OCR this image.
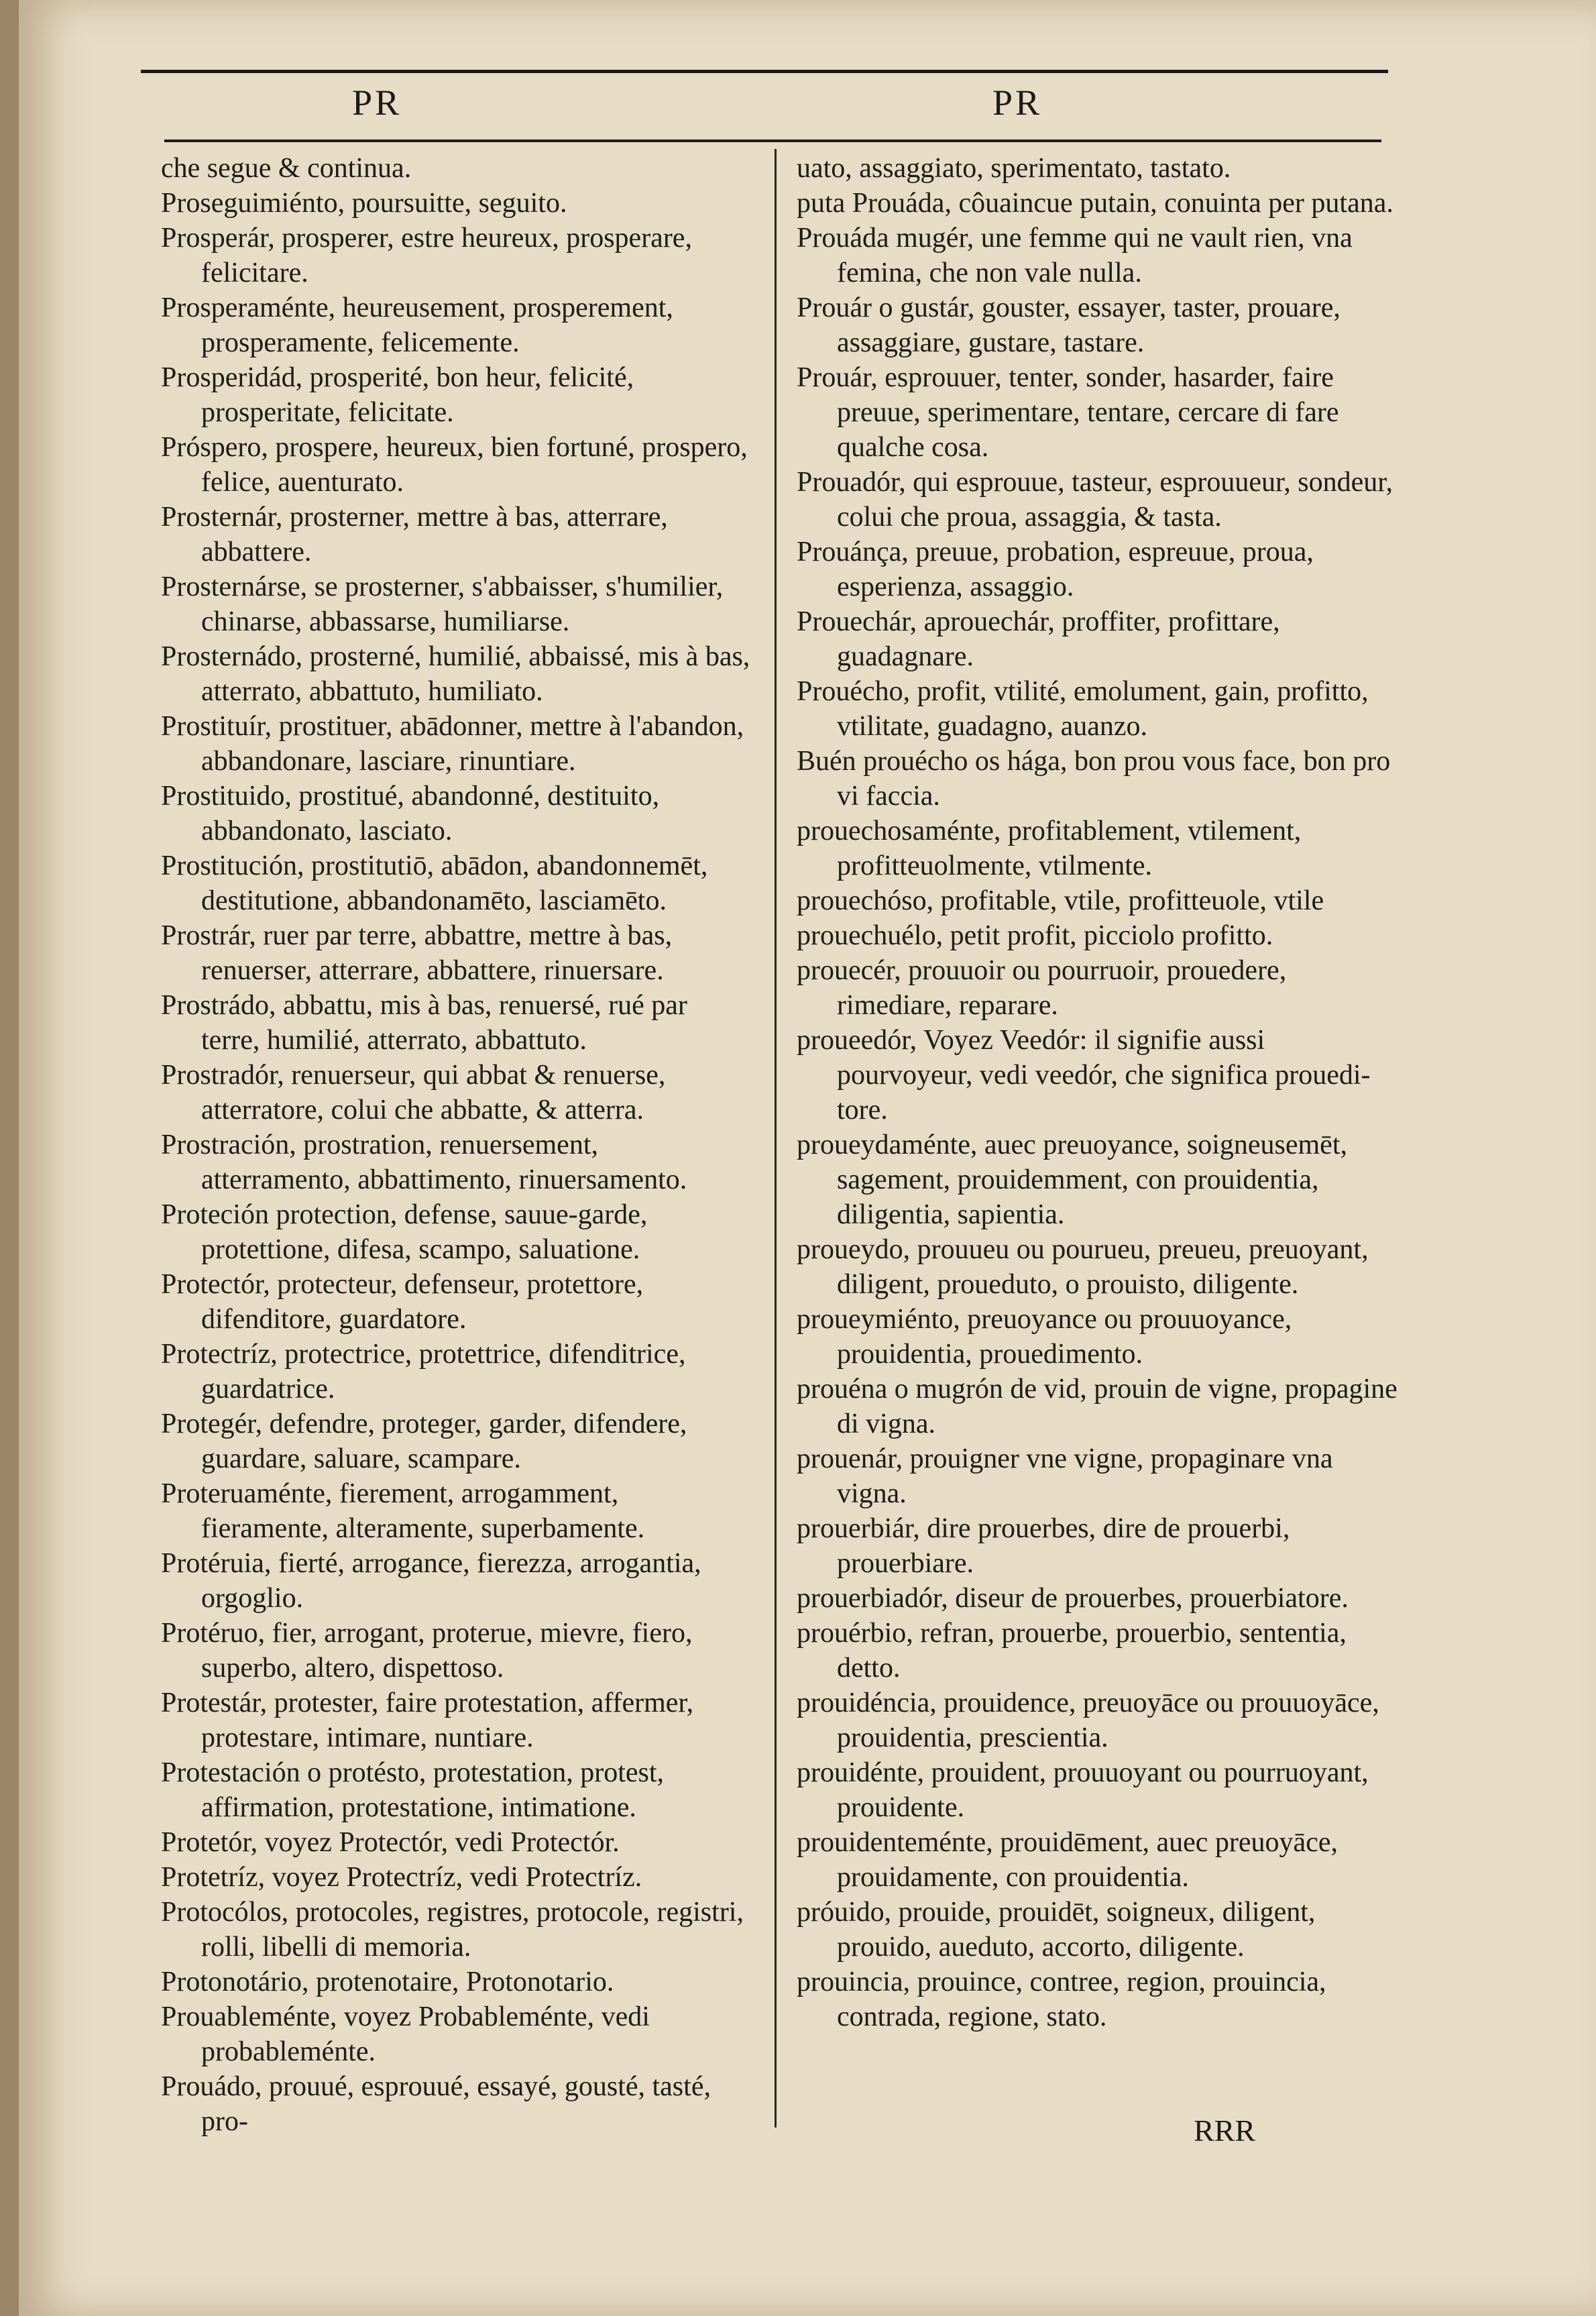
PR	PR

che segue & continua.

Proseguimiénto, poursuitte, seguito.

Prosperár, prosperer, estre heureux, prosperare, felicitare.

Prosperaménte, heureusement, prosperement, prosperamente, felicemente.

Prosperidád, prosperité, bon heur, felicité, prosperitate, felicitate.

Próspero, prospere, heureux, bien fortuné, prospero, felice, auenturato.

Prosternár, prosterner, mettre à bas, atterrare, abbattere.

Prosternárse, se prosterner, s'abbaisser, s'humilier, chinarse, abbassarse, humiliarse.

Prosternádo, prosterné, humilié, abbaissé, mis à bas, atterrato, abbattuto, humiliato.

Prostituír, prostituer, abādonner, mettre à l'abandon, abbandonare, lasciare, rinuntiare.

Prostituido, prostitué, abandonné, destituito, abbandonato, lasciato.

Prostitución, prostitutiō, abādon, abandonnemēt, destitutione, abbandonamēto, lasciamēto.

Prostrár, ruer par terre, abbattre, mettre à bas, renuerser, atterrare, abbattere, rinuersare.

Prostrádo, abbattu, mis à bas, renuersé, rué par terre, humilié, atterrato, abbattuto.

Prostradór, renuerseur, qui abbat & renuerse, atterratore, colui che abbatte, & atterra.

Prostración, prostration, renuersement, atterramento, abbattimento, rinuersamento.

Proteción protection, defense, sauue-garde, protettione, difesa, scampo, saluatione.

Protectór, protecteur, defenseur, protettore, difenditore, guardatore.

Protectríz, protectrice, protettrice, difenditrice, guardatrice.

Protegér, defendre, proteger, garder, difendere, guardare, saluare, scampare.

Proteruaménte, fierement, arrogamment, fieramente, alteramente, superbamente.

Protéruia, fierté, arrogance, fierezza, arrogantia, orgoglio.

Protéruo, fier, arrogant, proterue, mievre, fiero, superbo, altero, dispettoso.

Protestár, protester, faire protestation, affermer, protestare, intimare, nuntiare.

Protestación o protésto, protestation, protest, affirmation, protestatione, intimatione.

Protetór, voyez Protectór, vedi Protectór.

Protetríz, voyez Protectríz, vedi Protectríz.

Protocólos, protocoles, registres, protocole, registri, rolli, libelli di memoria.

Protonotário, protenotaire, Protonotario.

Prouableménte, voyez Probableménte, vedi probableménte.

Prouádo, prouué, esprouué, essayé, gousté, tasté, pro-

uato, assaggiato, sperimentato, tastato.

puta Prouáda, côuaincue putain, conuinta per putana.

Prouáda mugér, une femme qui ne vault rien, vna femina, che non vale nulla.

Prouár o gustár, gouster, essayer, taster, prouare, assaggiare, gustare, tastare.

Prouár, esprouuer, tenter, sonder, hasarder, faire preuue, sperimentare, tentare, cercare di fare qualche cosa.

Prouadór, qui esprouue, tasteur, esprouueur, sondeur, colui che proua, assaggia, & tasta.

Prouánça, preuue, probation, espreuue, proua, esperienza, assaggio.

Prouechár, aprouechár, proffiter, profittare, guadagnare.

Prouécho, profit, vtilité, emolument, gain, profitto, vtilitate, guadagno, auanzo.

Buén prouécho os hága, bon prou vous face, bon pro vi faccia.

prouechosaménte, profitablement, vtilement, profitteuolmente, vtilmente.

prouechóso, profitable, vtile, profitteuole, vtile

prouechuélo, petit profit, picciolo profitto.

prouecér, prouuoir ou pourruoir, prouedere, rimediare, reparare.

proueedór, Voyez Veedór: il signifie aussi pourvoyeur, vedi veedór, che significa prouedi-tore.

proueydaménte, auec preuoyance, soigneusemēt, sagement, prouidemment, con prouidentia, diligentia, sapientia.

proueydo, prouueu ou pourueu, preueu, preuoyant, diligent, proueduto, o prouisto, diligente.

proueymiénto, preuoyance ou prouuoyance, prouidentia, prouedimento.

prouéna o mugrón de vid, prouin de vigne, propagine di vigna.

prouenár, prouigner vne vigne, propaginare vna vigna.

prouerbiár, dire prouerbes, dire de prouerbi, prouerbiare.

prouerbiadór, diseur de prouerbes, prouerbiatore.

prouérbio, refran, prouerbe, prouerbio, sententia, detto.

prouidéncia, prouidence, preuoyāce ou prouuoyāce, prouidentia, prescientia.

prouidénte, prouident, prouuoyant ou pourruoyant, prouidente.

prouidenteménte, prouidēment, auec preuoyāce, prouidamente, con prouidentia.

próuido, prouide, prouidēt, soigneux, diligent, prouido, aueduto, accorto, diligente.

prouincia, prouince, contree, region, prouincia, contrada, regione, stato.

RRR
